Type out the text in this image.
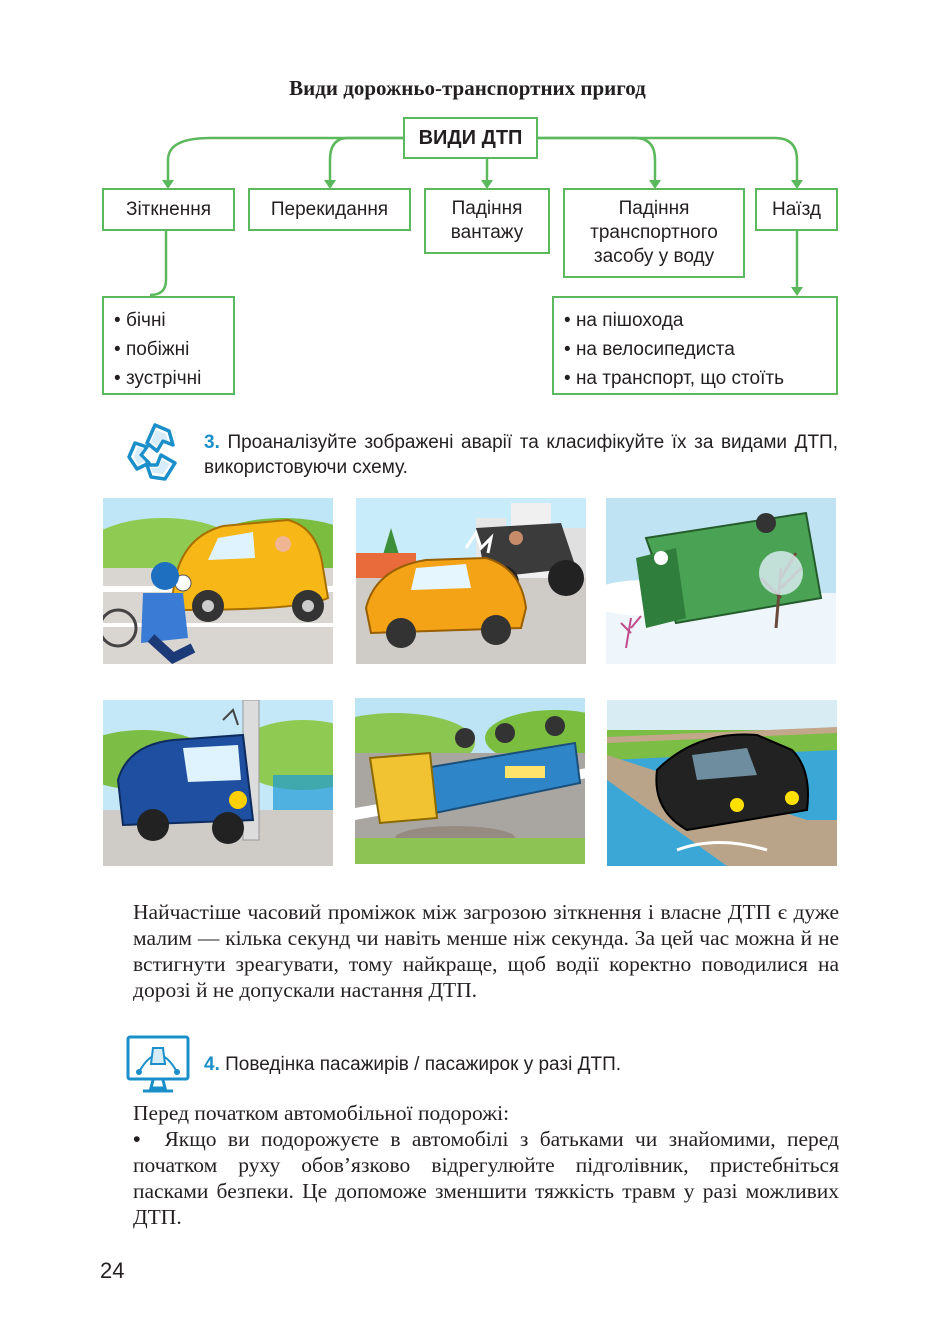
Види дорожньо-транспортних пригод
ВИДИ ДТП
Зіткнення	Перекидання	Падіння вантажу
Падіння транспортного засобу у воду
Наїзд
• бічні
• побіжні
• зустрічні
• на пішохода
• на велосипедиста
• на транспорт, що стоїть
3. Проаналізуйте зображені аварії та класифікуйте їх за видами ДТП, використовуючи схему.
Найчастіше часовий проміжок між загрозою зіткнення і власне ДТП є дуже малим — кілька секунд чи навіть менше ніж секунда. За цей час можна й не встигнути зреагувати, тому найкраще, щоб водії коректно поводилися на дорозі й не допускали настання ДТП.
4. Поведінка пасажирів / пасажирок у разі ДТП.
Перед початком автомобільної подорожі:
•  Якщо ви подорожуєте в автомобілі з батьками чи знайомими, перед початком руху обов’язково відрегулюйте підголівник, пристебніться пасками безпеки. Це допоможе зменшити тяжкість травм у разі можливих ДТП.
24
